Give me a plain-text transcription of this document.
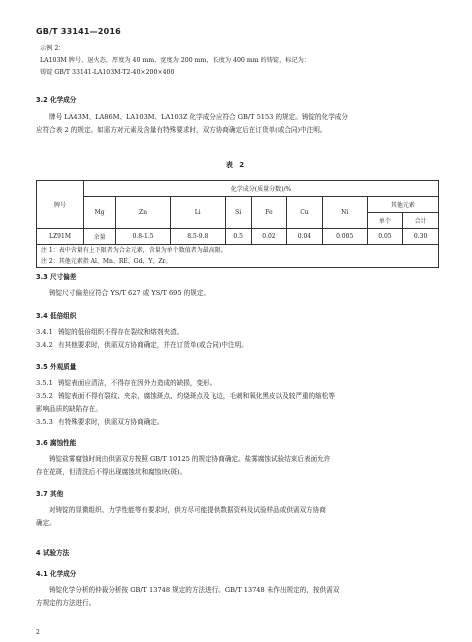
GB/T 33141—2016
示例 2：
LA103M 牌号，退火态，厚度为 40 mm，宽度为 200 mm，长度为 400 mm 的铸锭，标记为：
铸锭 GB/T 33141-LA103M-T2-40×200×400
3.2 化学成分
牌号 LA43M、LA86M、LA103M、LA103Z 化学成分应符合 GB/T 5153 的规定。铸锭的化学成分
应符合表 2 的规定。如需方对元素及含量有特殊要求时，双方协商确定后在订货单(或合同)中注明。
表 2
牌号	化学成分(质量分数)/%								
	Mg	Zn	Li	Si	Fe	Cu	Ni	其他元素	
								单个	合计
LZ91M	余量	0.8-1.5	8.5-9.8	0.5	0.02	0.04	0.005	0.05	0.30

注 1：表中含量有上下限者为合金元素，含量为单个数值者为最高限。
注 2：其他元素指 Al、Mn、RE、Gd、Y、Zr。									
3.3 尺寸偏差
铸锭尺寸偏差应符合 YS/T 627 或 YS/T 695 的规定。
3.4 低倍组织
3.4.1 铸锭的低倍组织不得存在裂纹和熔剂夹渣。
3.4.2 有其他要求时，供需双方协商确定，并在订货单(或合同)中注明。
3.5 外观质量
3.5.1 铸锭表面应清洁，不得存在因外力造成的缺损，变形。
3.5.2 铸锭表面不得有裂纹、夹杂、腐蚀斑点、灼烧斑点及飞边，毛刺和氧化黑皮以及较严重的缩松等
影响品质的缺陷存在。
3.5.3 有特殊要求时，供需双方协商确定。
3.6 腐蚀性能
铸锭盐雾腐蚀时间由供需双方按照 GB/T 10125 的规定协商确定。盐雾腐蚀试验结束后表面允许
存在花斑，但清洗后不得出现腐蚀坑和腐蚀块(斑)。
3.7 其他
对铸锭的显微组织、力学性能等有要求时，供方尽可能提供数据资料及试验样品或供需双方协商
确定。
4 试验方法
4.1 化学成分
铸锭化学分析的仲裁分析按 GB/T 13748 规定的方法进行。GB/T 13748 未作出规定的，按供需双
方规定的方法进行。
2
